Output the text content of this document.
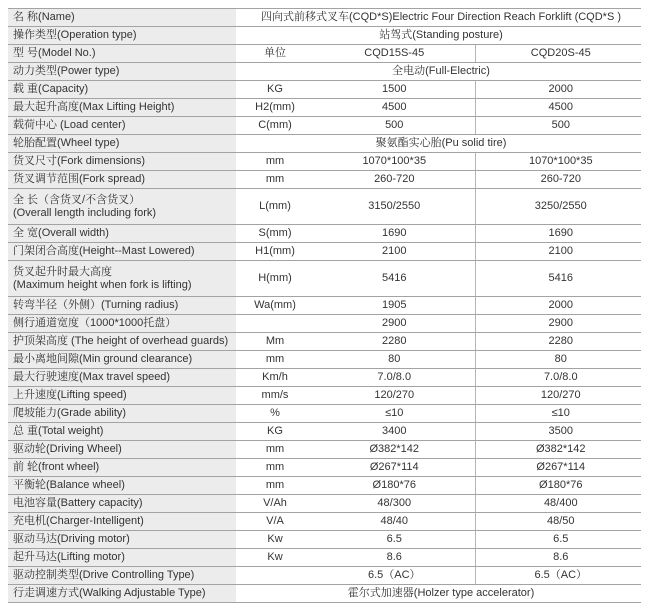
名 称(Name)	四向式前移式叉车(CQD*S)Electric Four Direction Reach Forklift (CQD*S )		

操作类型(Operation type)	站驾式(Standing posture)		

型 号(Model No.)	单位	CQD15S-45	CQD20S-45

动力类型(Power type)	全电动(Full-Electric)		

载 重(Capacity)	KG	1500	2000

最大起升高度(Max Lifting Height)	H2(mm)	4500	4500

载荷中心 (Load center)	C(mm)	500	500

轮胎配置(Wheel type)	聚氨酯实心胎(Pu solid tire)		

货叉尺寸(Fork dimensions)	mm	1070*100*35	1070*100*35

货叉调节范围(Fork spread)	mm	260-720	260-720

全 长（含货叉/不含货叉）
(Overall length including fork)	L(mm)	3150/2550	3250/2550

全 宽(Overall width)	S(mm)	1690	1690

门架闭合高度(Height--Mast Lowered)	H1(mm)	2100	2100

货叉起升时最大高度
(Maximum height when fork is lifting)	H(mm)	5416	5416

转弯半径（外侧）(Turning radius)	Wa(mm)	1905	2000

侧行通道宽度（1000*1000托盘）		2900	2900

护顶架高度 (The height of overhead guards)	Mm	2280	2280

最小离地间隙(Min ground clearance)	mm	80	80

最大行驶速度(Max travel speed)	Km/h	7.0/8.0	7.0/8.0

上升速度(Lifting speed)	mm/s	120/270	120/270

爬坡能力(Grade ability)	%	≤10	≤10

总 重(Total weight)	KG	3400	3500

驱动轮(Driving Wheel)	mm	Ø382*142	Ø382*142

前 轮(front wheel)	mm	Ø267*114	Ø267*114

平衡轮(Balance wheel)	mm	Ø180*76	Ø180*76

电池容量(Battery capacity)	V/Ah	48/300	48/400

充电机(Charger-Intelligent)	V/A	48/40	48/50

驱动马达(Driving motor)	Kw	6.5	6.5

起升马达(Lifting motor)	Kw	8.6	8.6

驱动控制类型(Drive Controlling Type)		6.5（AC）	6.5（AC）

行走调速方式(Walking Adjustable Type)	霍尔式加速器(Holzer type accelerator)		
